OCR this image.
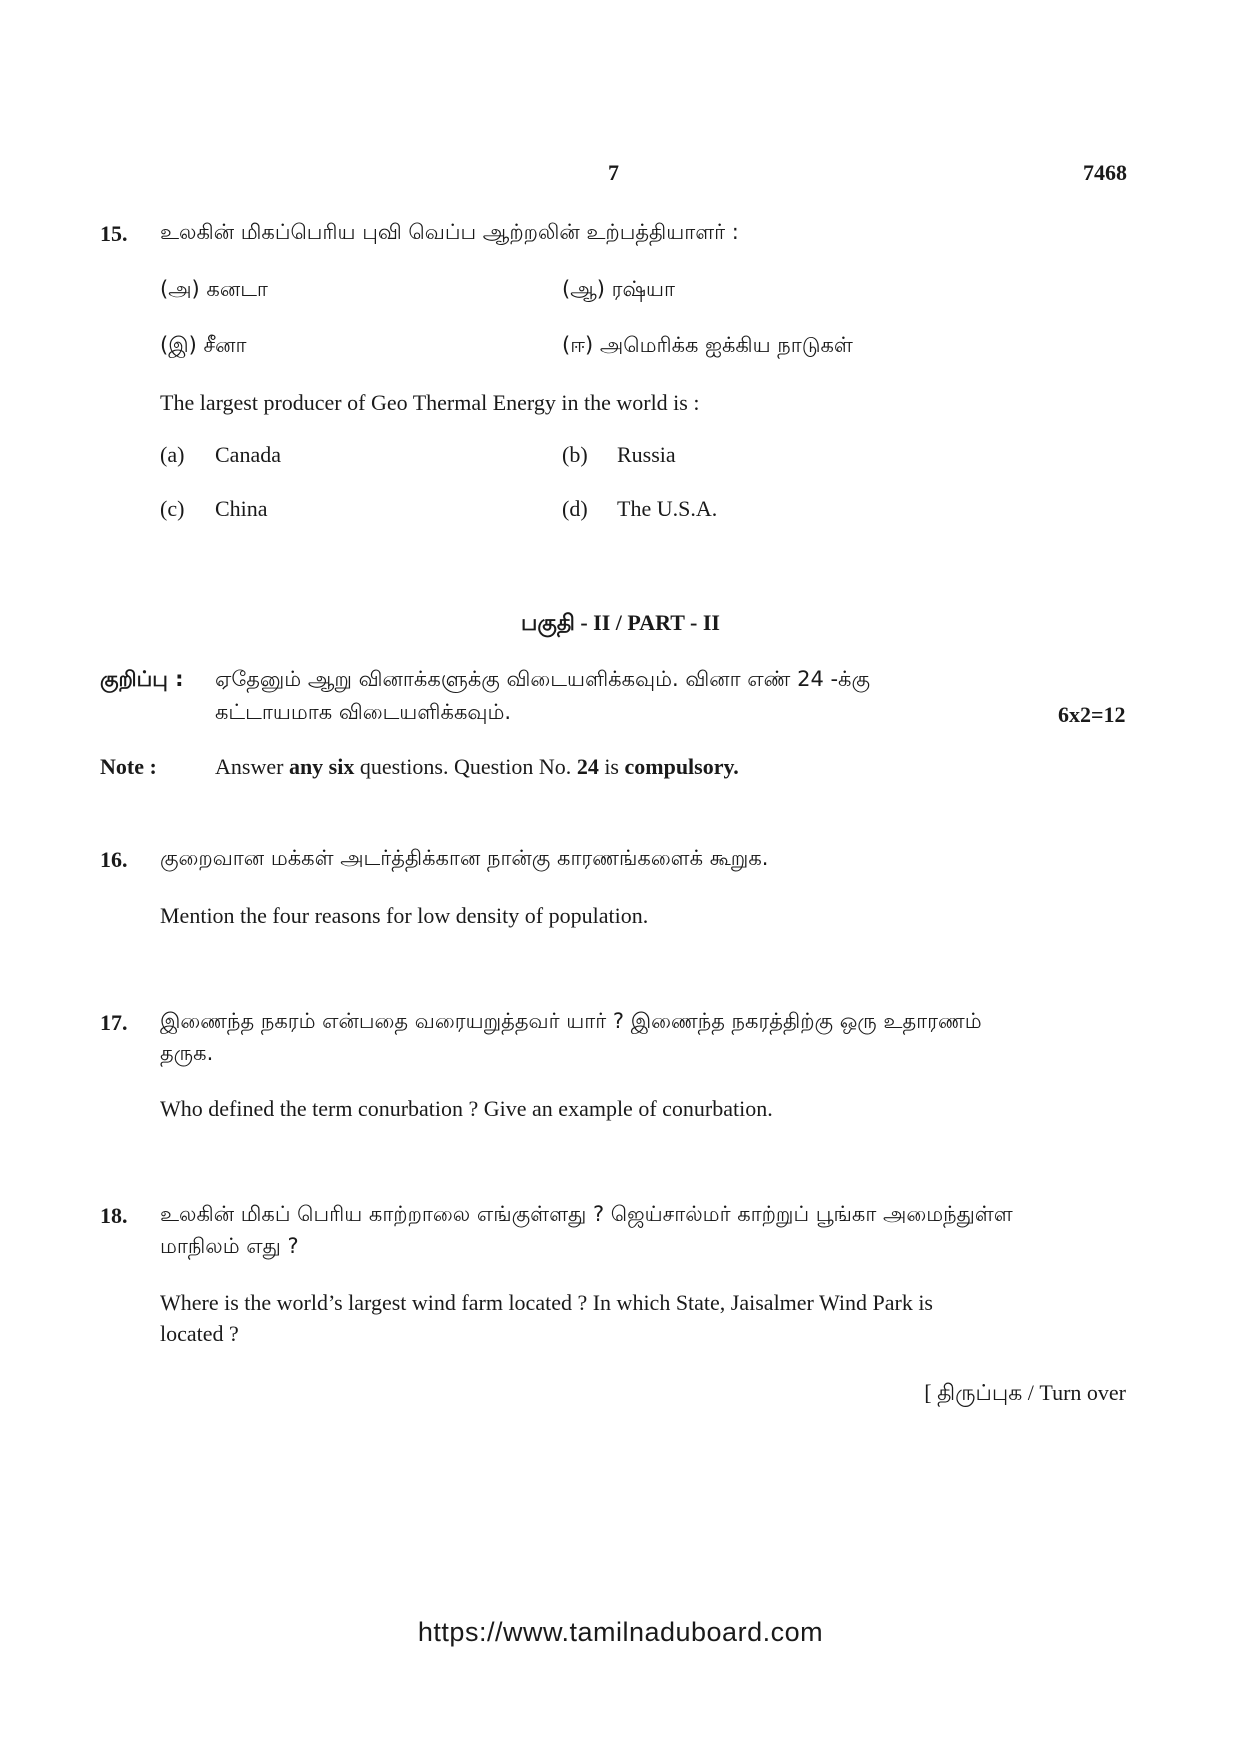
7	7468
15. உலகின் மிகப்பெரிய புவி வெப்ப ஆற்றலின் உற்பத்தியாளர் :
(அ) கனடா	(ஆ) ரஷ்யா
(இ) சீனா	(ஈ) அமெரிக்க ஐக்கிய நாடுகள்
The largest producer of Geo Thermal Energy in the world is :
(a) Canada	(b) Russia
(c) China	(d) The U.S.A.
பகுதி - II / PART - II
குறிப்பு : ஏதேனும் ஆறு வினாக்களுக்கு விடையளிக்கவும். வினா எண் 24 -க்கு
கட்டாயமாக விடையளிக்கவும்.	6x2=12
Note :	Answer any six questions. Question No. 24 is compulsory.
16. குறைவான மக்கள் அடர்த்திக்கான நான்கு காரணங்களைக் கூறுக.
Mention the four reasons for low density of population.
17. இணைந்த நகரம் என்பதை வரையறுத்தவர் யார் ? இணைந்த நகரத்திற்கு ஒரு உதாரணம்
தருக.
Who defined the term conurbation ? Give an example of conurbation.
18. உலகின் மிகப் பெரிய காற்றாலை எங்குள்ளது ? ஜெய்சால்மர் காற்றுப் பூங்கா அமைந்துள்ள
மாநிலம் எது ?
Where is the world’s largest wind farm located ? In which State, Jaisalmer Wind Park is
located ?
[ திருப்புக / Turn over
https://www.tamilnaduboard.com
